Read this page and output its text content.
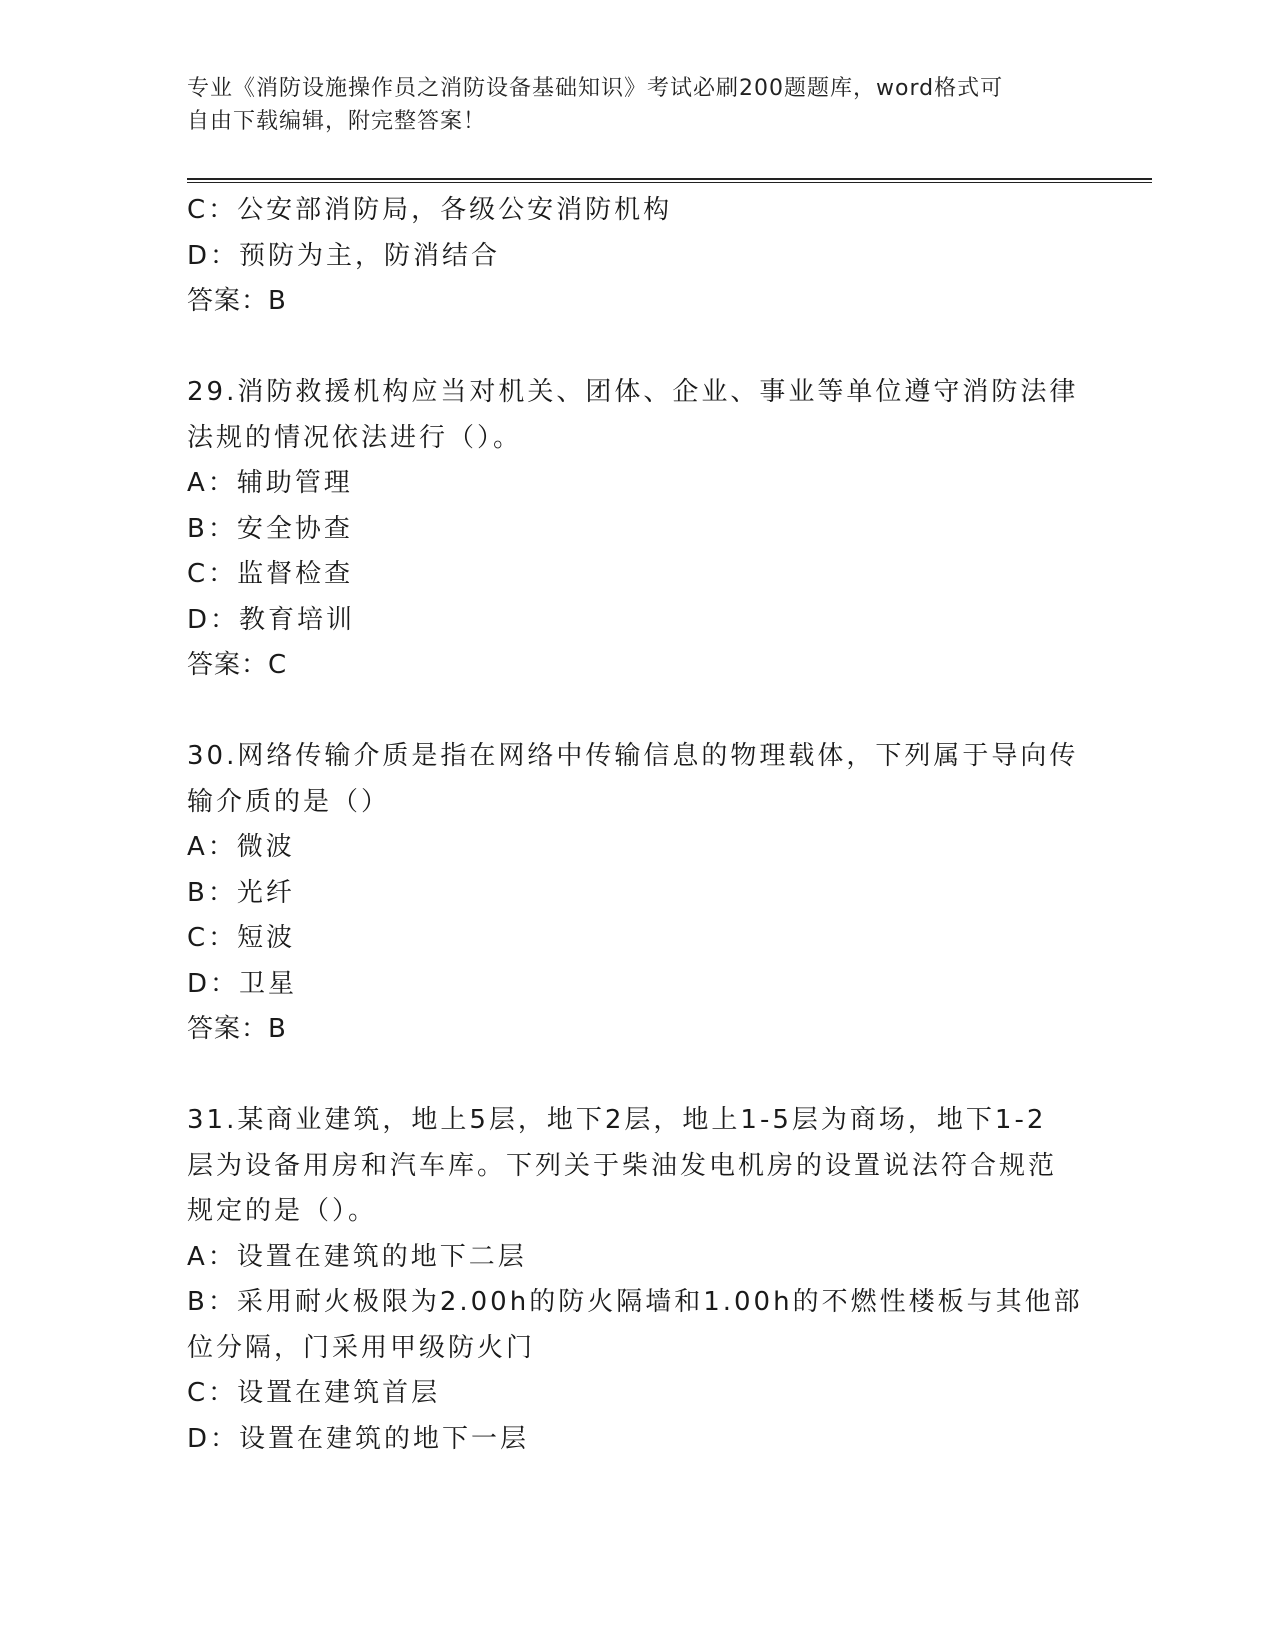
专业《消防设施操作员之消防设备基础知识》考试必刷200题题库，word格式可
自由下载编辑，附完整答案！
C：公安部消防局，各级公安消防机构
D：预防为主，防消结合
答案：B
29.消防救援机构应当对机关、团体、企业、事业等单位遵守消防法律
法规的情况依法进行（）。
A：辅助管理
B：安全协查
C：监督检查
D：教育培训
答案：C
30.网络传输介质是指在网络中传输信息的物理载体，下列属于导向传
输介质的是（）
A：微波
B：光纤
C：短波
D：卫星
答案：B
31.某商业建筑，地上5层，地下2层，地上1-5层为商场，地下1-2
层为设备用房和汽车库。下列关于柴油发电机房的设置说法符合规范
规定的是（）。
A：设置在建筑的地下二层
B：采用耐火极限为2.00h的防火隔墙和1.00h的不燃性楼板与其他部
位分隔，门采用甲级防火门
C：设置在建筑首层
D：设置在建筑的地下一层
